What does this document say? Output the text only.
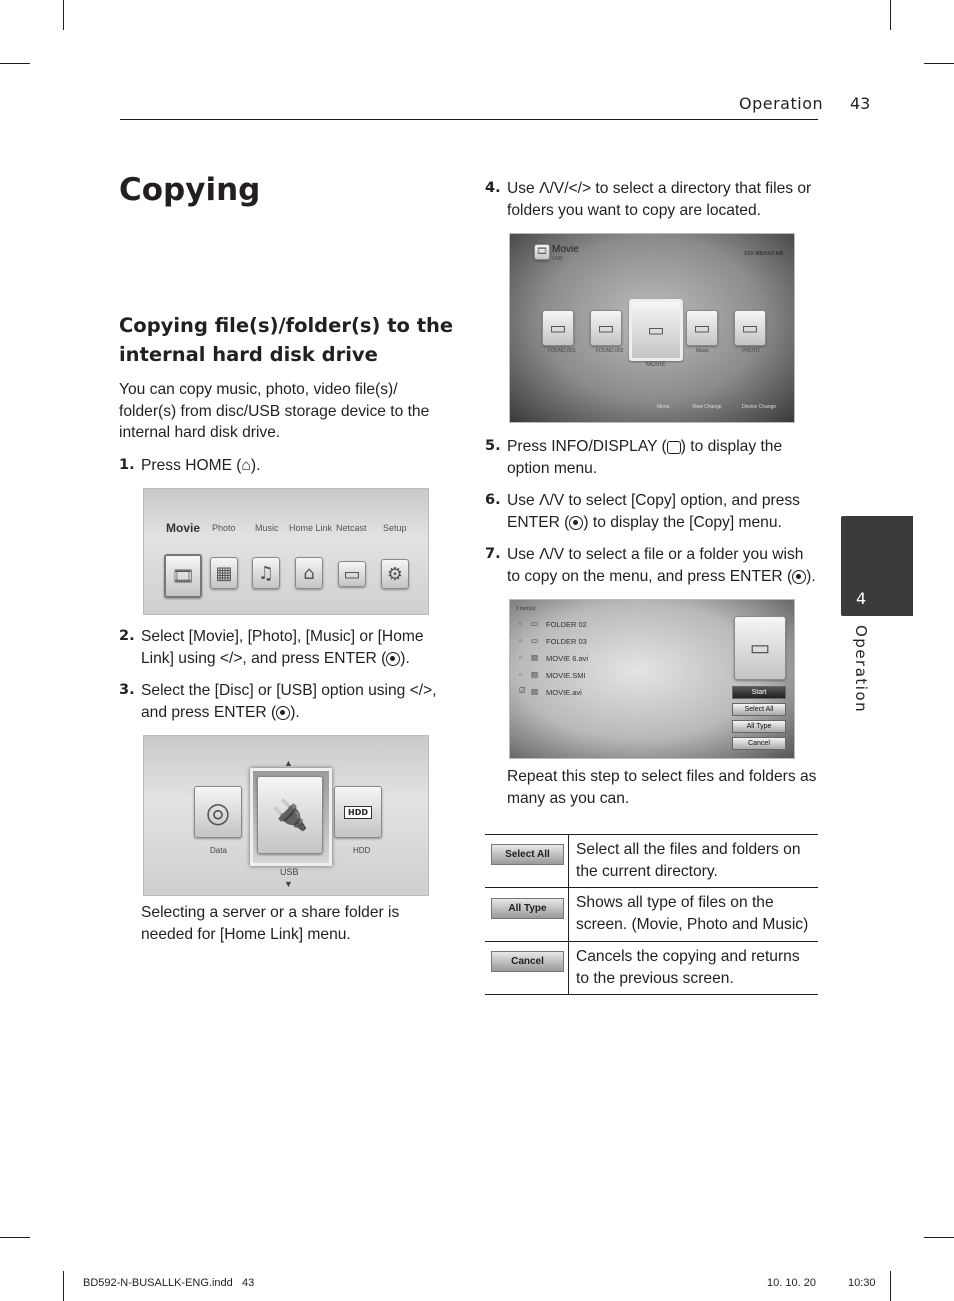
Operation 43
Copying
Copying file(s)/folder(s) to the internal hard disk drive
You can copy music, photo, video file(s)/ folder(s) from disc/USB storage device to the internal hard disk drive.
1. Press HOME (⌂).
Movie Photo Music Home Link Netcast Setup
🎞	▦	♫	⌂	▭	⚙
2. Select [Movie], [Photo], [Music] or [Home Link] using </>, and press ENTER ( ).
3. Select the [Disc] or [USB] option using </>, and press ENTER ( ).
◎
Data
🔌
USB
HDD
HDD
▲
▼
Selecting a server or a share folder is needed for [Home Link] menu.
4. Use Λ/V/</> to select a directory that files or folders you want to copy are located.
🎞 Movie
USB
XXX MB/XXX MB
▭
FOUND.001
▭
FOUND.002
▭
MOVIE
▭
Music
▭
PHOTO
Menu	View Change	Device Change
5. Press INFO/DISPLAY ( ) to display the option menu.
6. Use Λ/V to select [Copy] option, and press ENTER ( ) to display the [Copy] menu.
7. Use Λ/V to select a file or a folder you wish to copy on the menu, and press ENTER ( ).
1 item(s)
▫ ▭ FOLDER 02
▫ ▭ FOLDER 03
▫ ▤ MOVIE 6.avi
▫ ▤ MOVIE.SMI
☑ ▤ MOVIE.avi
▭
Start
Select All
All Type
Cancel
Repeat this step to select files and folders as many as you can.
Select All	Select all the files and folders on the current directory.
All Type	Shows all type of files on the screen. (Movie, Photo and Music)
Cancel	Cancels the copying and returns to the previous screen.
4
Operation
BD592-N-BUSALLK-ENG.indd   43	10. 10. 20	10:30
